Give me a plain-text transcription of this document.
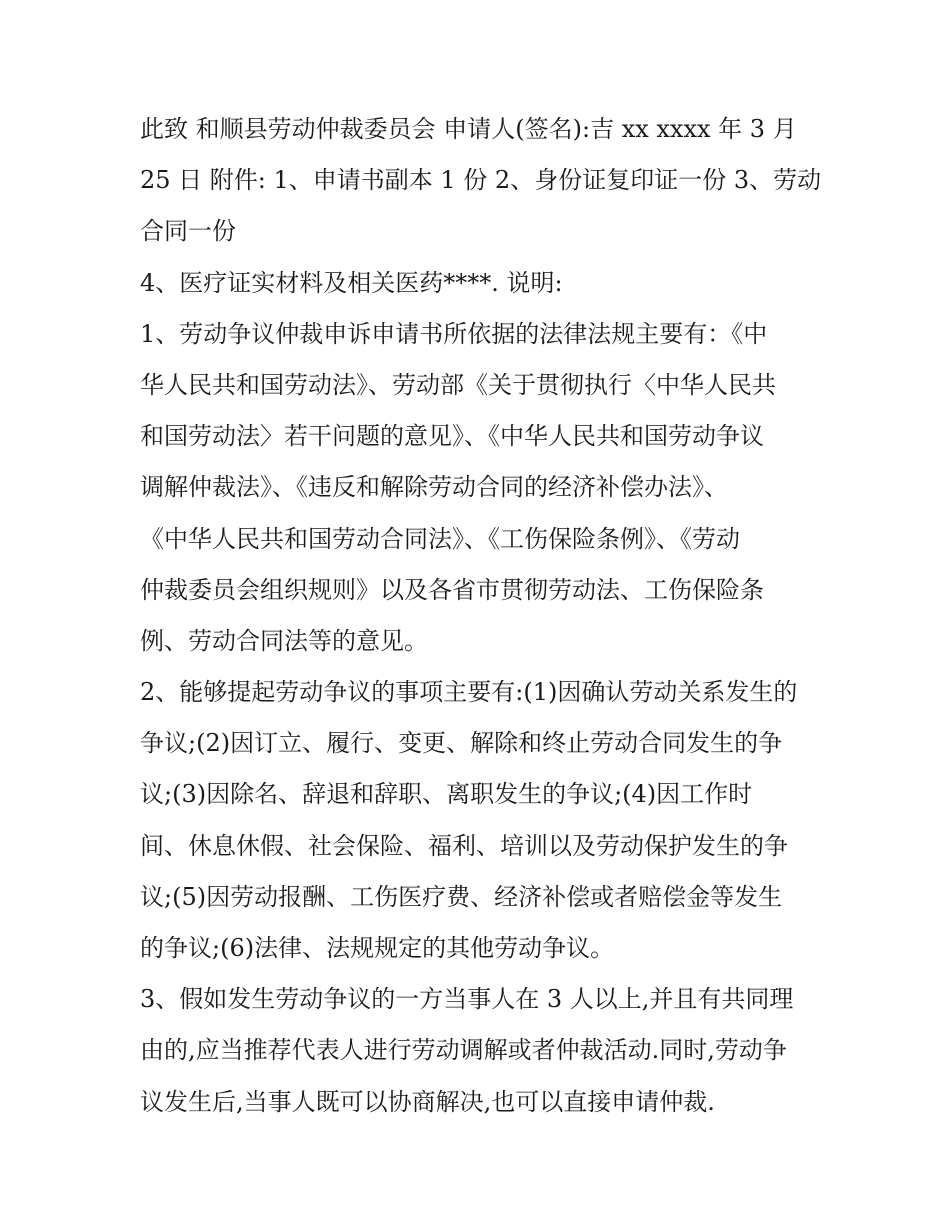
此致 和顺县劳动仲裁委员会 申请人(签名):吉 xx xxxx 年 3 月
25 日 附件: 1、申请书副本 1 份 2、身份证复印证一份 3、劳动
合同一份
4、医疗证实材料及相关医药****. 说明:
1、劳动争议仲裁申诉申请书所依据的法律法规主要有：《中
华人民共和国劳动法》、劳动部《关于贯彻执行〈中华人民共
和国劳动法〉若干问题的意见》、《中华人民共和国劳动争议
调解仲裁法》、《违反和解除劳动合同的经济补偿办法》、
《中华人民共和国劳动合同法》、《工伤保险条例》、《劳动
仲裁委员会组织规则》以及各省市贯彻劳动法、工伤保险条
例、劳动合同法等的意见。
2、能够提起劳动争议的事项主要有:(1)因确认劳动关系发生的
争议;(2)因订立、履行、变更、解除和终止劳动合同发生的争
议;(3)因除名、辞退和辞职、离职发生的争议;(4)因工作时
间、休息休假、社会保险、福利、培训以及劳动保护发生的争
议;(5)因劳动报酬、工伤医疗费、经济补偿或者赔偿金等发生
的争议;(6)法律、法规规定的其他劳动争议。
3、假如发生劳动争议的一方当事人在 3 人以上,并且有共同理
由的,应当推荐代表人进行劳动调解或者仲裁活动.同时,劳动争
议发生后,当事人既可以协商解决,也可以直接申请仲裁.
